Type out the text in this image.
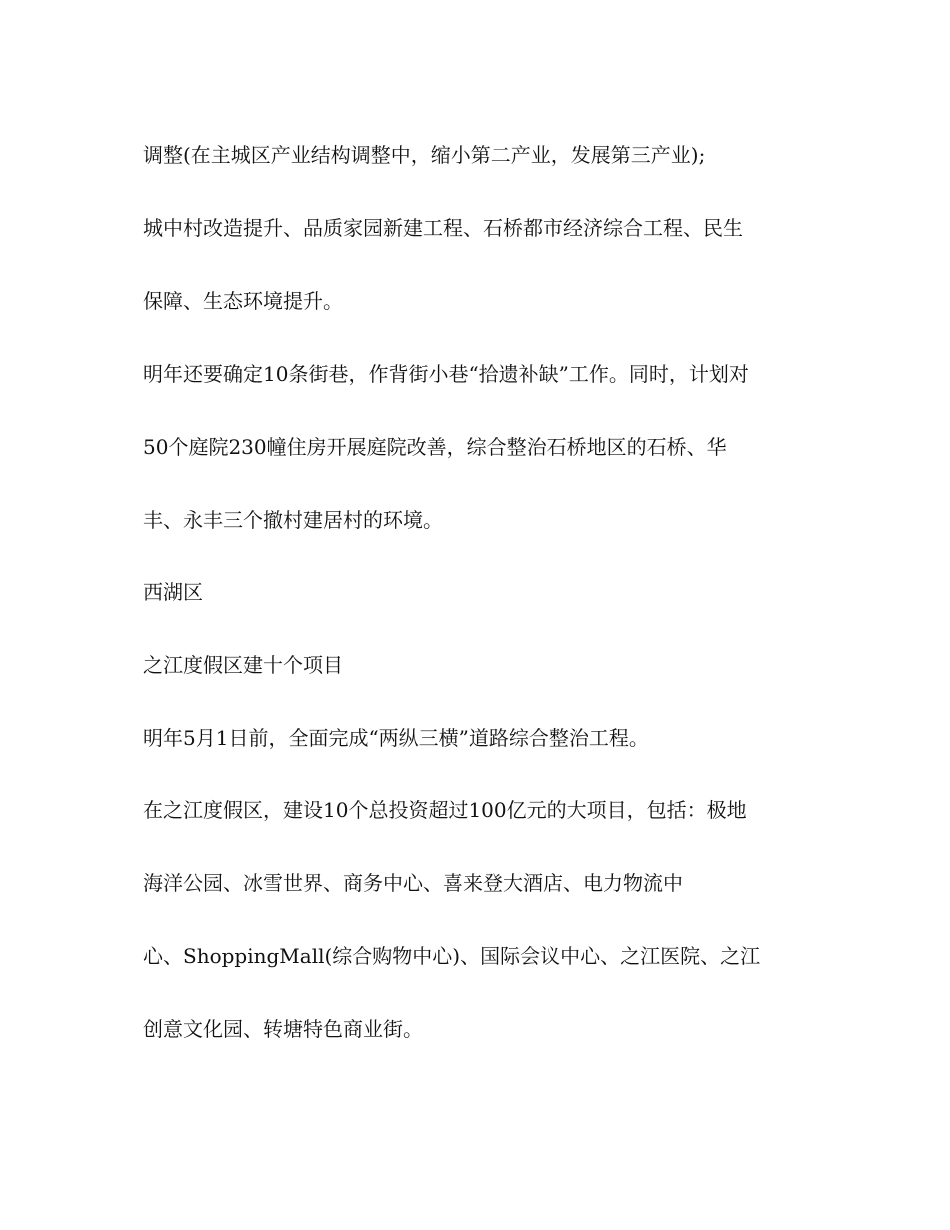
调整(在主城区产业结构调整中，缩小第二产业，发展第三产业);

城中村改造提升、品质家园新建工程、石桥都市经济综合工程、民生

保障、生态环境提升。

明年还要确定10条街巷，作背街小巷“拾遗补缺”工作。同时，计划对

50个庭院230幢住房开展庭院改善，综合整治石桥地区的石桥、华

丰、永丰三个撤村建居村的环境。

西湖区

之江度假区建十个项目

明年5月1日前，全面完成“两纵三横”道路综合整治工程。

在之江度假区，建设10个总投资超过100亿元的大项目，包括：极地

海洋公园、冰雪世界、商务中心、喜来登大酒店、电力物流中

心、ShoppingMall(综合购物中心)、国际会议中心、之江医院、之江

创意文化园、转塘特色商业街。
